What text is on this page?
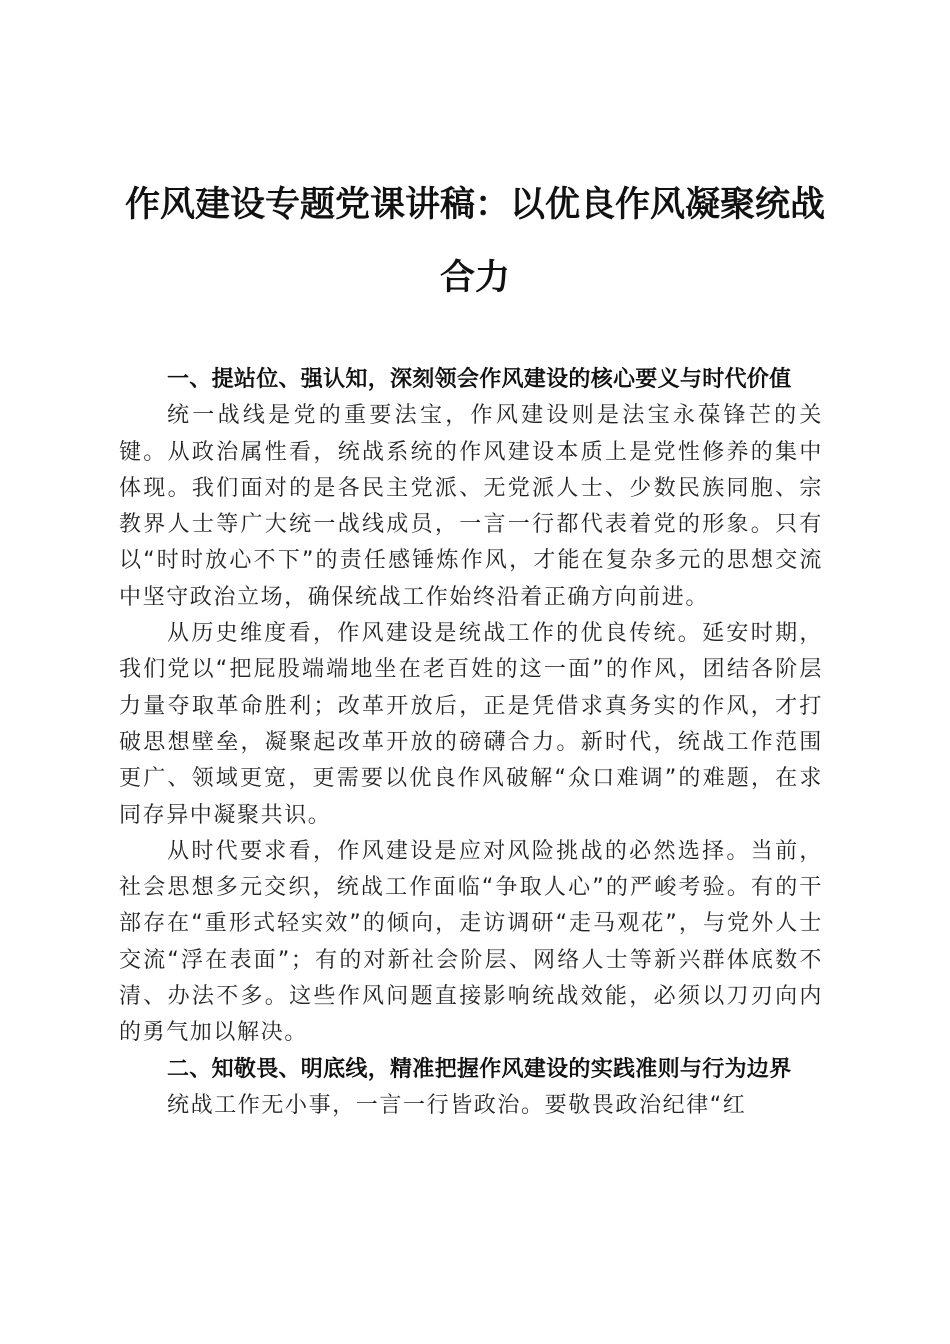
作风建设专题党课讲稿：以优良作风凝聚统战合力

一、提站位、强认知，深刻领会作风建设的核心要义与时代价值

统一战线是党的重要法宝，作风建设则是法宝永葆锋芒的关键。从政治属性看，统战系统的作风建设本质上是党性修养的集中体现。我们面对的是各民主党派、无党派人士、少数民族同胞、宗教界人士等广大统一战线成员，一言一行都代表着党的形象。只有以“时时放心不下”的责任感锤炼作风，才能在复杂多元的思想交流中坚守政治立场，确保统战工作始终沿着正确方向前进。

从历史维度看，作风建设是统战工作的优良传统。延安时期，我们党以“把屁股端端地坐在老百姓的这一面”的作风，团结各阶层力量夺取革命胜利；改革开放后，正是凭借求真务实的作风，才打破思想壁垒，凝聚起改革开放的磅礴合力。新时代，统战工作范围更广、领域更宽，更需要以优良作风破解“众口难调”的难题，在求同存异中凝聚共识。

从时代要求看，作风建设是应对风险挑战的必然选择。当前，社会思想多元交织，统战工作面临“争取人心”的严峻考验。有的干部存在“重形式轻实效”的倾向，走访调研“走马观花”，与党外人士交流“浮在表面”；有的对新社会阶层、网络人士等新兴群体底数不清、办法不多。这些作风问题直接影响统战效能，必须以刀刃向内的勇气加以解决。

二、知敬畏、明底线，精准把握作风建设的实践准则与行为边界

统战工作无小事，一言一行皆政治。要敬畏政治纪律“红
